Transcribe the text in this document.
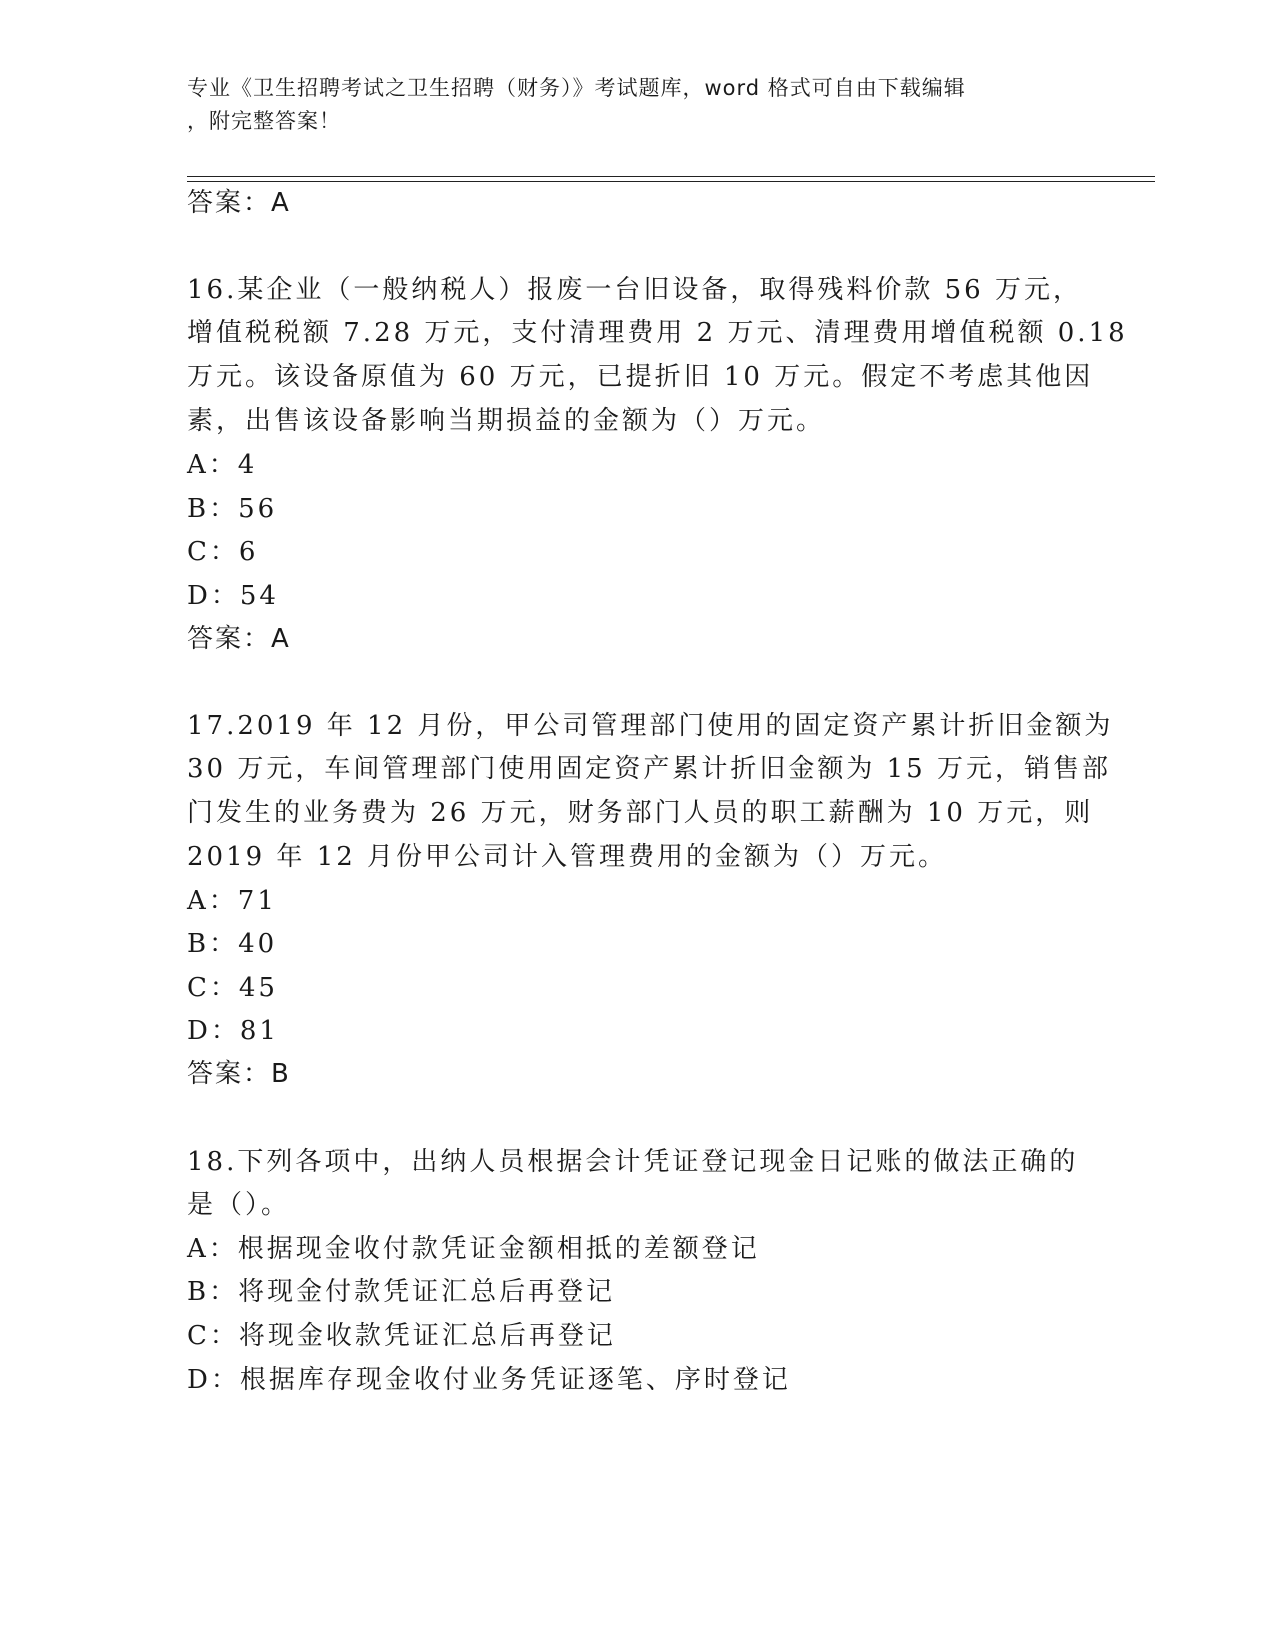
专业《卫生招聘考试之卫生招聘（财务）》考试题库，word 格式可自由下载编辑
，附完整答案！
答案：A
16.某企业（一般纳税人）报废一台旧设备，取得残料价款 56 万元，
增值税税额 7.28 万元，支付清理费用 2 万元、清理费用增值税额 0.18
万元。该设备原值为 60 万元，已提折旧 10 万元。假定不考虑其他因
素，出售该设备影响当期损益的金额为（）万元。
A：4
B：56
C：6
D：54
答案：A
17.2019 年 12 月份，甲公司管理部门使用的固定资产累计折旧金额为
30 万元，车间管理部门使用固定资产累计折旧金额为 15 万元，销售部
门发生的业务费为 26 万元，财务部门人员的职工薪酬为 10 万元，则
2019 年 12 月份甲公司计入管理费用的金额为（）万元。
A：71
B：40
C：45
D：81
答案：B
18.下列各项中，出纳人员根据会计凭证登记现金日记账的做法正确的
是（）。
A：根据现金收付款凭证金额相抵的差额登记
B：将现金付款凭证汇总后再登记
C：将现金收款凭证汇总后再登记
D：根据库存现金收付业务凭证逐笔、序时登记
